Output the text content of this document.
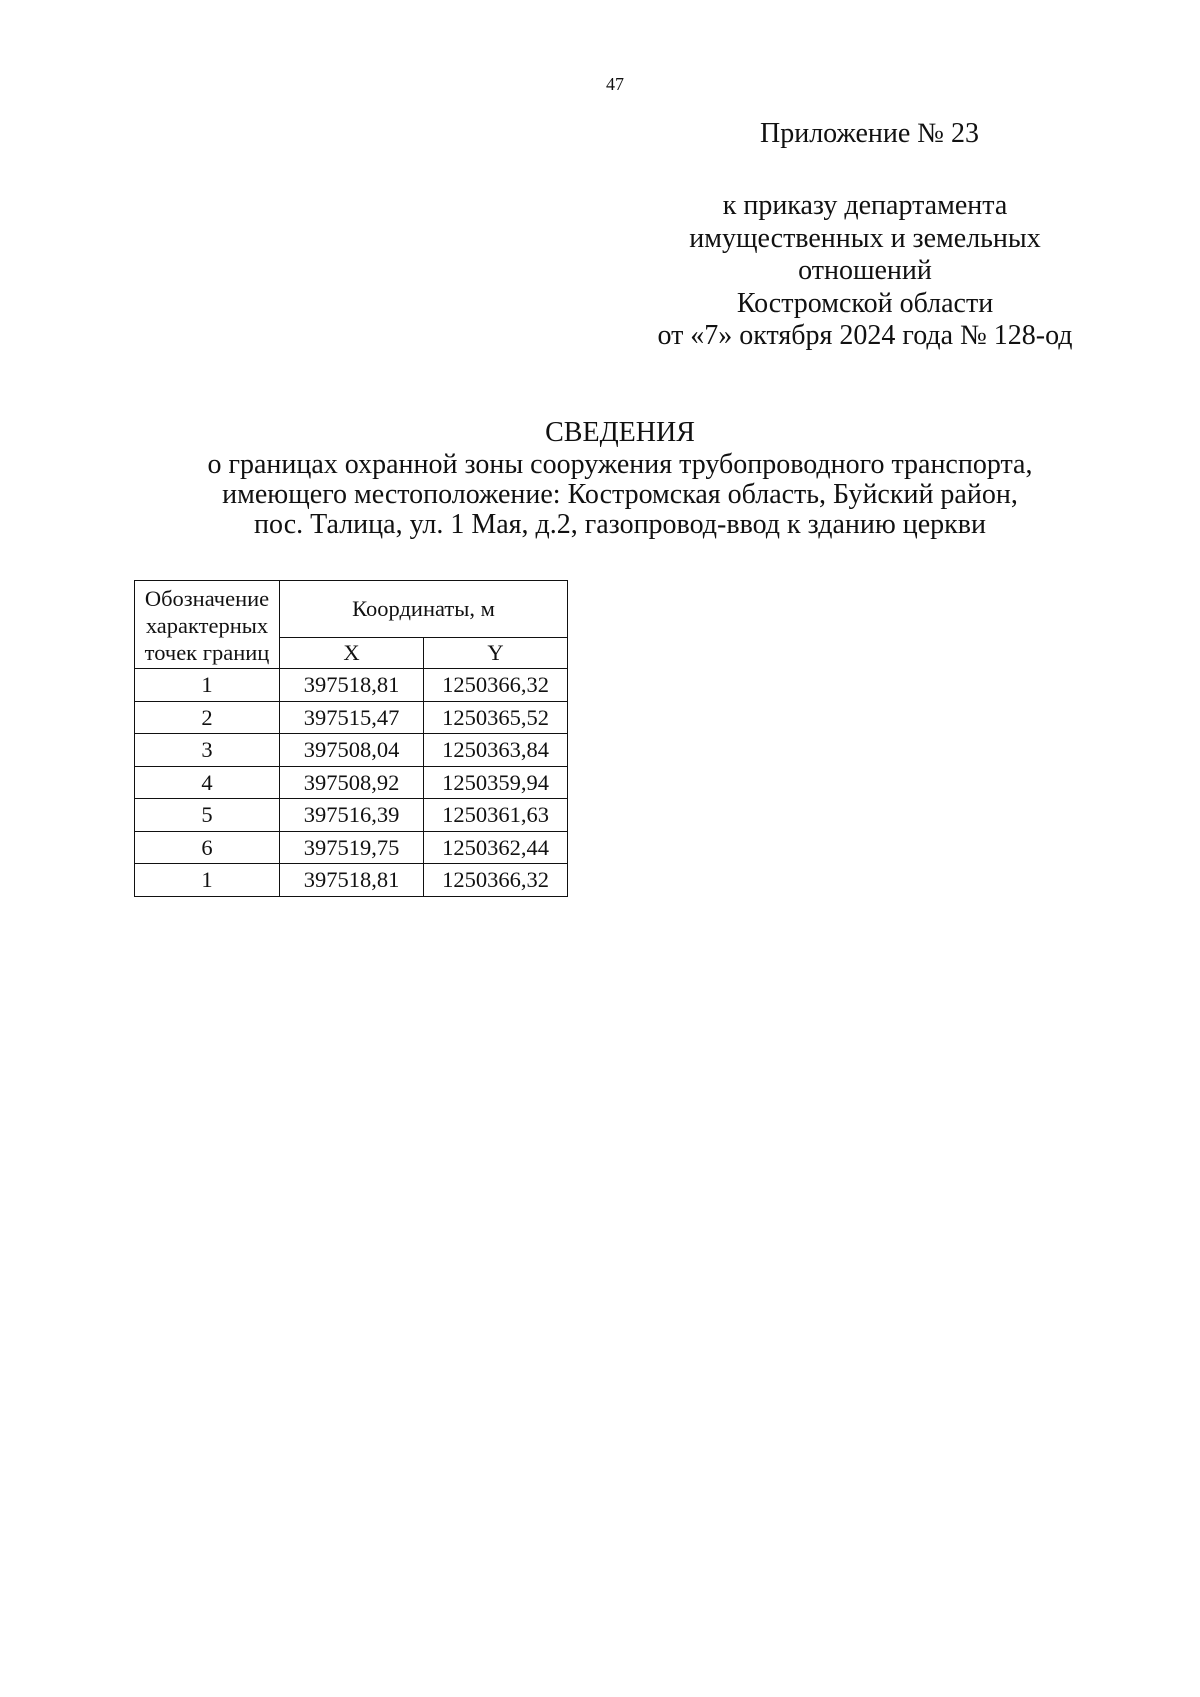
47
Приложение № 23
к приказу департамента
имущественных и земельных
отношений
Костромской области
от «7» октября 2024 года № 128-од
СВЕДЕНИЯ
о границах охранной зоны сооружения трубопроводного транспорта,
имеющего местоположение: Костромская область, Буйский район,
пос. Талица, ул. 1 Мая, д.2, газопровод-ввод к зданию церкви
Обозначение
характерных
точек границ	Координаты, м	
	X	Y
1	397518,81	1250366,32
2	397515,47	1250365,52
3	397508,04	1250363,84
4	397508,92	1250359,94
5	397516,39	1250361,63
6	397519,75	1250362,44
1	397518,81	1250366,32
